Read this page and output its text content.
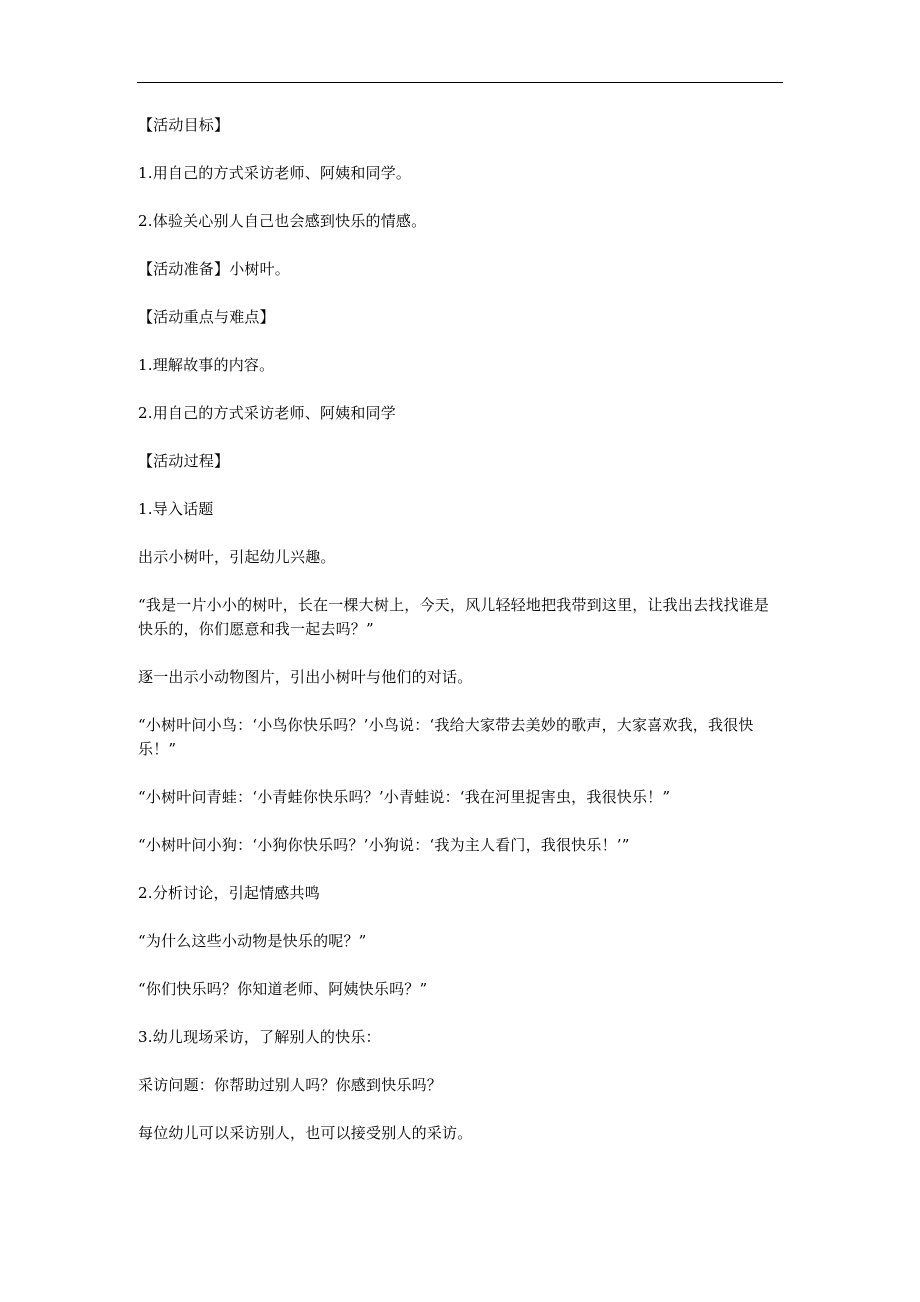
【活动目标】

1.用自己的方式采访老师、阿姨和同学。

2.体验关心别人自己也会感到快乐的情感。

【活动准备】小树叶。

【活动重点与难点】

1.理解故事的内容。

2.用自己的方式采访老师、阿姨和同学

【活动过程】

1.导入话题

出示小树叶，引起幼儿兴趣。

“我是一片小小的树叶，长在一棵大树上，今天，风儿轻轻地把我带到这里，让我出去找找谁是快乐的，你们愿意和我一起去吗？”

逐一出示小动物图片，引出小树叶与他们的对话。

“小树叶问小鸟：‘小鸟你快乐吗？’小鸟说：‘我给大家带去美妙的歌声，大家喜欢我，我很快乐！”

“小树叶问青蛙：‘小青蛙你快乐吗？’小青蛙说：‘我在河里捉害虫，我很快乐！”

“小树叶问小狗：‘小狗你快乐吗？’小狗说：‘我为主人看门，我很快乐！’”

2.分析讨论，引起情感共鸣

“为什么这些小动物是快乐的呢？”

“你们快乐吗？你知道老师、阿姨快乐吗？”

3.幼儿现场采访，了解别人的快乐：

采访问题：你帮助过别人吗？你感到快乐吗？

每位幼儿可以采访别人，也可以接受别人的采访。
